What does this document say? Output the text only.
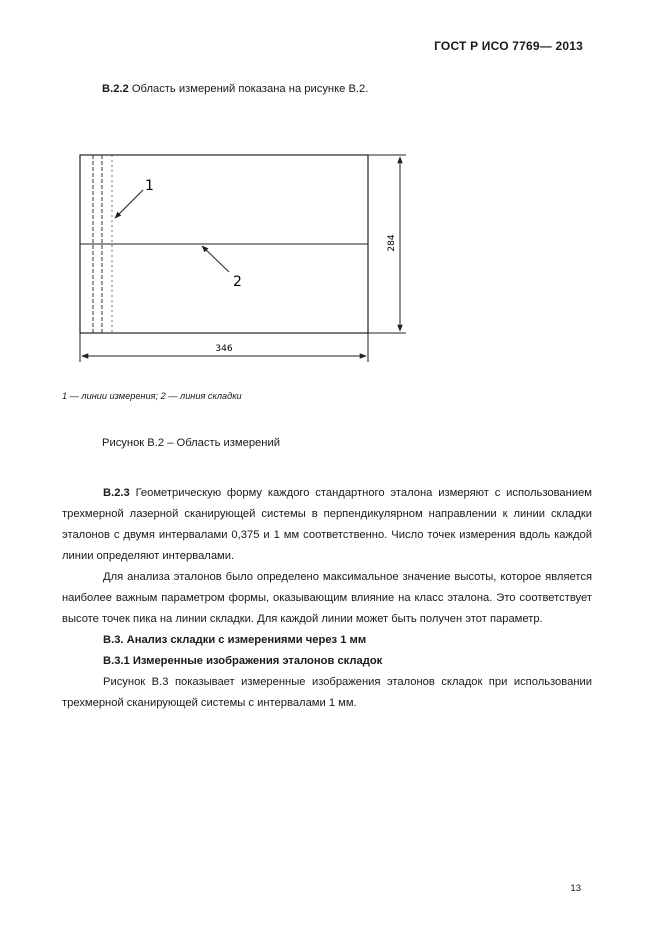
ГОСТ Р ИСО 7769— 2013
В.2.2 Область измерений показана на рисунке В.2.
1
2
284
346
1 — линии измерения; 2 — линия складки
Рисунок В.2 – Область измерений
В.2.3 Геометрическую форму каждого стандартного эталона измеряют с использованием трехмерной лазерной сканирующей системы в перпендикулярном направлении к линии складки эталонов с двумя интервалами 0,375 и 1 мм соответственно. Число точек измерения вдоль каждой линии определяют интервалами.
Для анализа эталонов было определено максимальное значение высоты, которое является наиболее важным параметром формы, оказывающим влияние на класс эталона. Это соответствует высоте точек пика на линии складки. Для каждой линии может быть получен этот параметр.
В.3. Анализ складки с измерениями через 1 мм
В.3.1 Измеренные изображения эталонов складок
Рисунок В.3 показывает измеренные изображения эталонов складок при использовании трехмерной сканирующей системы с интервалами 1 мм.
13
